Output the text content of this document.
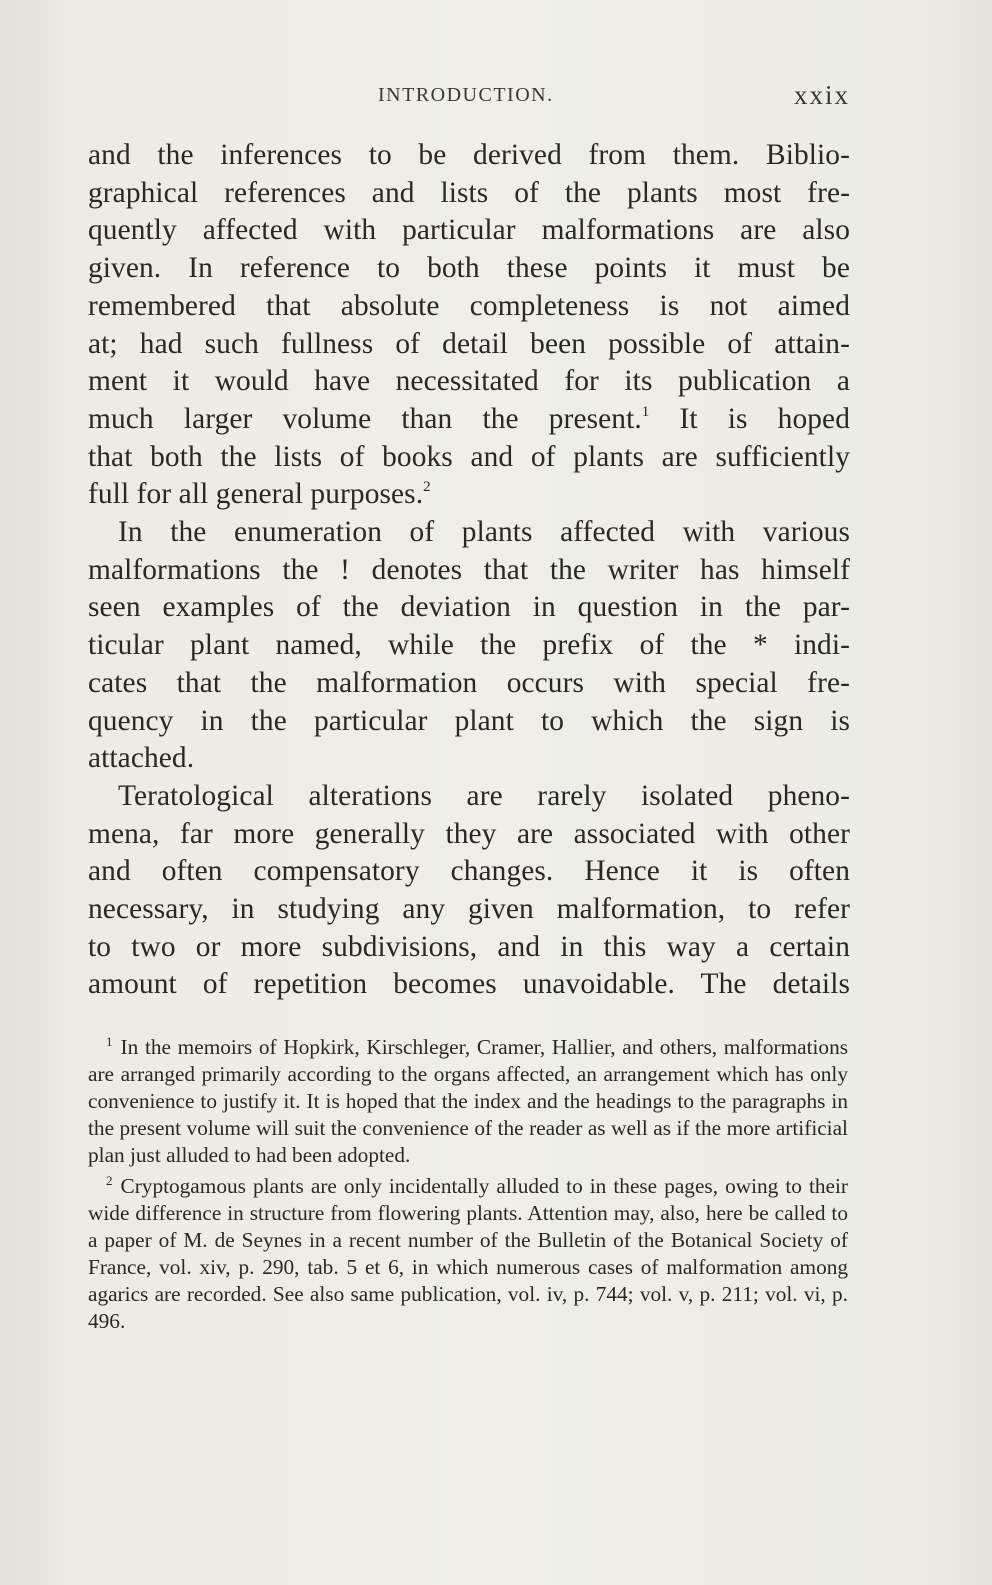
INTRODUCTION.	xxix

and the inferences to be derived from them. Biblio-

graphical references and lists of the plants most fre-

quently affected with particular malformations are also

given. In reference to both these points it must be

remembered that absolute completeness is not aimed

at; had such fullness of detail been possible of attain-

ment it would have necessitated for its publication a

much larger volume than the present.$^1$ It is hoped

that both the lists of books and of plants are sufficiently

full for all general purposes.$^2$

In the enumeration of plants affected with various

malformations the ! denotes that the writer has himself

seen examples of the deviation in question in the par-

ticular plant named, while the prefix of the * indi-

cates that the malformation occurs with special fre-

quency in the particular plant to which the sign is

attached.

Teratological alterations are rarely isolated pheno-

mena, far more generally they are associated with other

and often compensatory changes. Hence it is often

necessary, in studying any given malformation, to refer

to two or more subdivisions, and in this way a certain

amount of repetition becomes unavoidable. The details

$^1$ In the memoirs of Hopkirk, Kirschleger, Cramer, Hallier, and others, malformations are arranged primarily according to the organs affected, an arrangement which has only convenience to justify it. It is hoped that the index and the headings to the paragraphs in the present volume will suit the convenience of the reader as well as if the more artificial plan just alluded to had been adopted.

$^2$ Cryptogamous plants are only incidentally alluded to in these pages, owing to their wide difference in structure from flowering plants. Attention may, also, here be called to a paper of M. de Seynes in a recent number of the Bulletin of the Botanical Society of France, vol. xiv, p. 290, tab. 5 et 6, in which numerous cases of malformation among agarics are recorded. See also same publication, vol. iv, p. 744; vol. v, p. 211; vol. vi, p. 496.
